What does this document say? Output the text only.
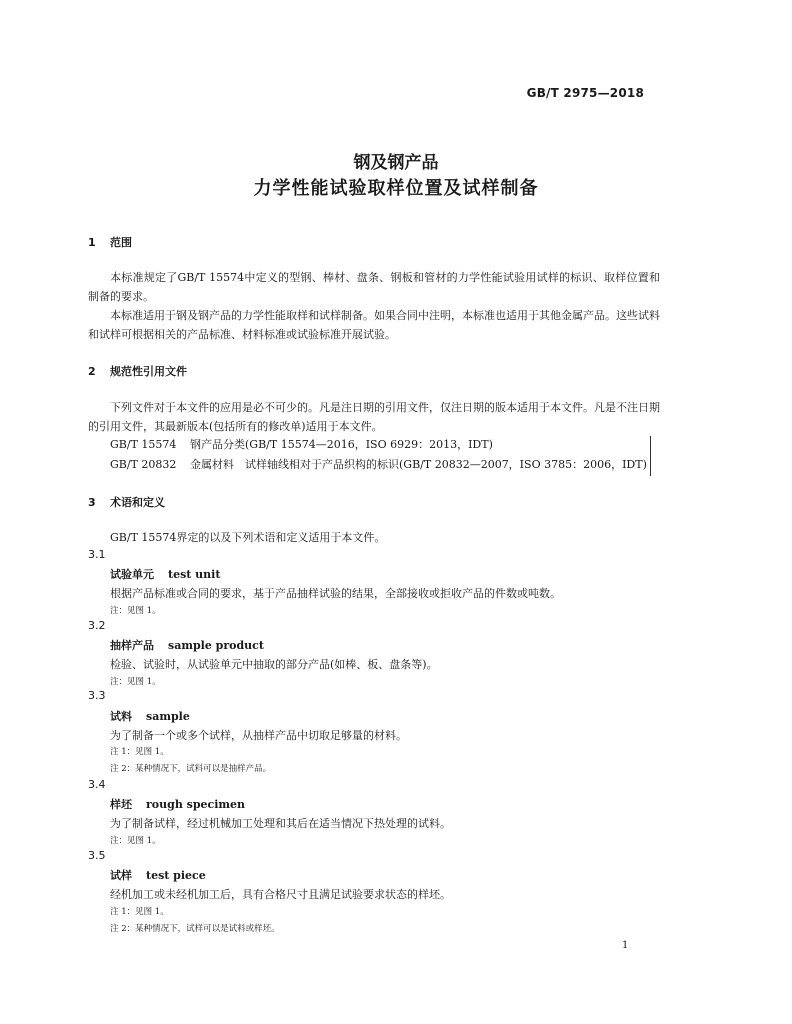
GB/T 2975—2018
钢及钢产品
力学性能试验取样位置及试样制备
1 范围
本标准规定了GB/T 15574中定义的型钢、棒材、盘条、钢板和管材的力学性能试验用试样的标识、取样位置和制备的要求。
本标准适用于钢及钢产品的力学性能取样和试样制备。如果合同中注明，本标准也适用于其他金属产品。这些试料和试样可根据相关的产品标准、材料标准或试验标准开展试验。
2 规范性引用文件
下列文件对于本文件的应用是必不可少的。凡是注日期的引用文件，仅注日期的版本适用于本文件。凡是不注日期的引用文件，其最新版本(包括所有的修改单)适用于本文件。
GB/T 15574 钢产品分类(GB/T 15574—2016，ISO 6929：2013，IDT)
GB/T 20832 金属材料　试样轴线相对于产品织构的标识(GB/T 20832—2007，ISO 3785：2006，IDT)
3 术语和定义
GB/T 15574界定的以及下列术语和定义适用于本文件。
3.1
试验单元 test unit
根据产品标准或合同的要求，基于产品抽样试验的结果，全部接收或拒收产品的件数或吨数。
注：见图 1。
3.2
抽样产品 sample product
检验、试验时，从试验单元中抽取的部分产品(如棒、板、盘条等)。
注：见图 1。
3.3
试料 sample
为了制备一个或多个试样，从抽样产品中切取足够量的材料。
注 1：见图 1。
注 2：某种情况下，试料可以是抽样产品。
3.4
样坯 rough specimen
为了制备试样，经过机械加工处理和其后在适当情况下热处理的试料。
注：见图 1。
3.5
试样 test piece
经机加工或未经机加工后，具有合格尺寸且满足试验要求状态的样坯。
注 1：见图 1。
注 2：某种情况下，试样可以是试料或样坯。
1
